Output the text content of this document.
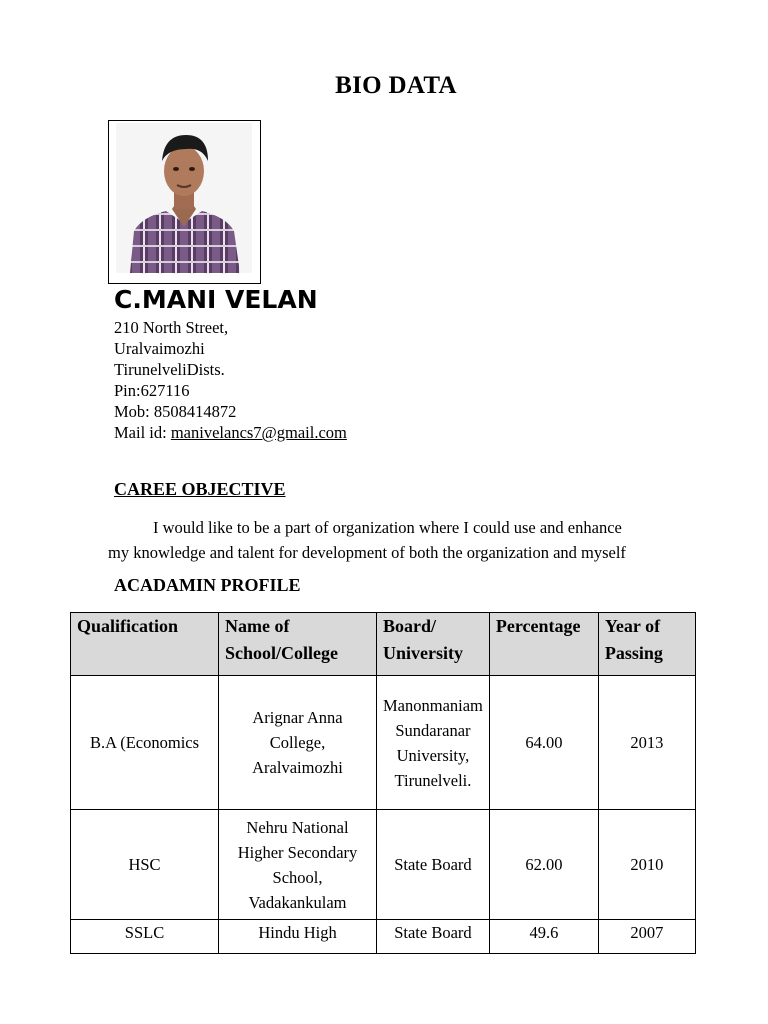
BIO DATA
C.MANI VELAN
210 North Street,
Uralvaimozhi
TirunelveliDists.
Pin:627116
Mob: 8508414872
Mail id: manivelancs7@gmail.com
CAREE OBJECTIVE
I would like to be a part of organization where I could use and enhance
my knowledge and talent for development of both the organization and myself
ACADAMIN PROFILE
Qualification	Name of School/College	Board/ University	Percentage	Year of Passing
B.A (Economics	Arignar Anna College, Aralvaimozhi	Manonmaniam Sundaranar University, Tirunelveli.	64.00	2013
HSC	Nehru National Higher Secondary School, Vadakankulam	State Board	62.00	2010
SSLC	Hindu High	State Board	49.6	2007
